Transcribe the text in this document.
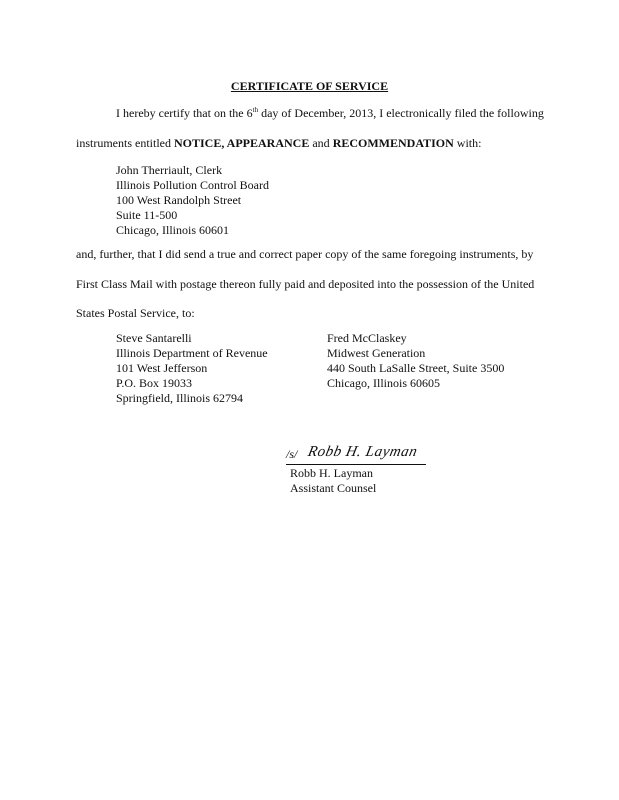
CERTIFICATE OF SERVICE
I hereby certify that on the 6th day of December, 2013, I electronically filed the following
instruments entitled NOTICE, APPEARANCE and RECOMMENDATION with:
John Therriault, Clerk
Illinois Pollution Control Board
100 West Randolph Street
Suite 11-500
Chicago, Illinois 60601
and, further, that I did send a true and correct paper copy of the same foregoing instruments, by
First Class Mail with postage thereon fully paid and deposited into the possession of the United
States Postal Service, to:
Steve Santarelli
Illinois Department of Revenue
101 West Jefferson
P.O. Box 19033
Springfield, Illinois 62794
Fred McClaskey
Midwest Generation
440 South LaSalle Street, Suite 3500
Chicago, Illinois 60605
/s/ Robb H. Layman
Robb H. Layman
Assistant Counsel
